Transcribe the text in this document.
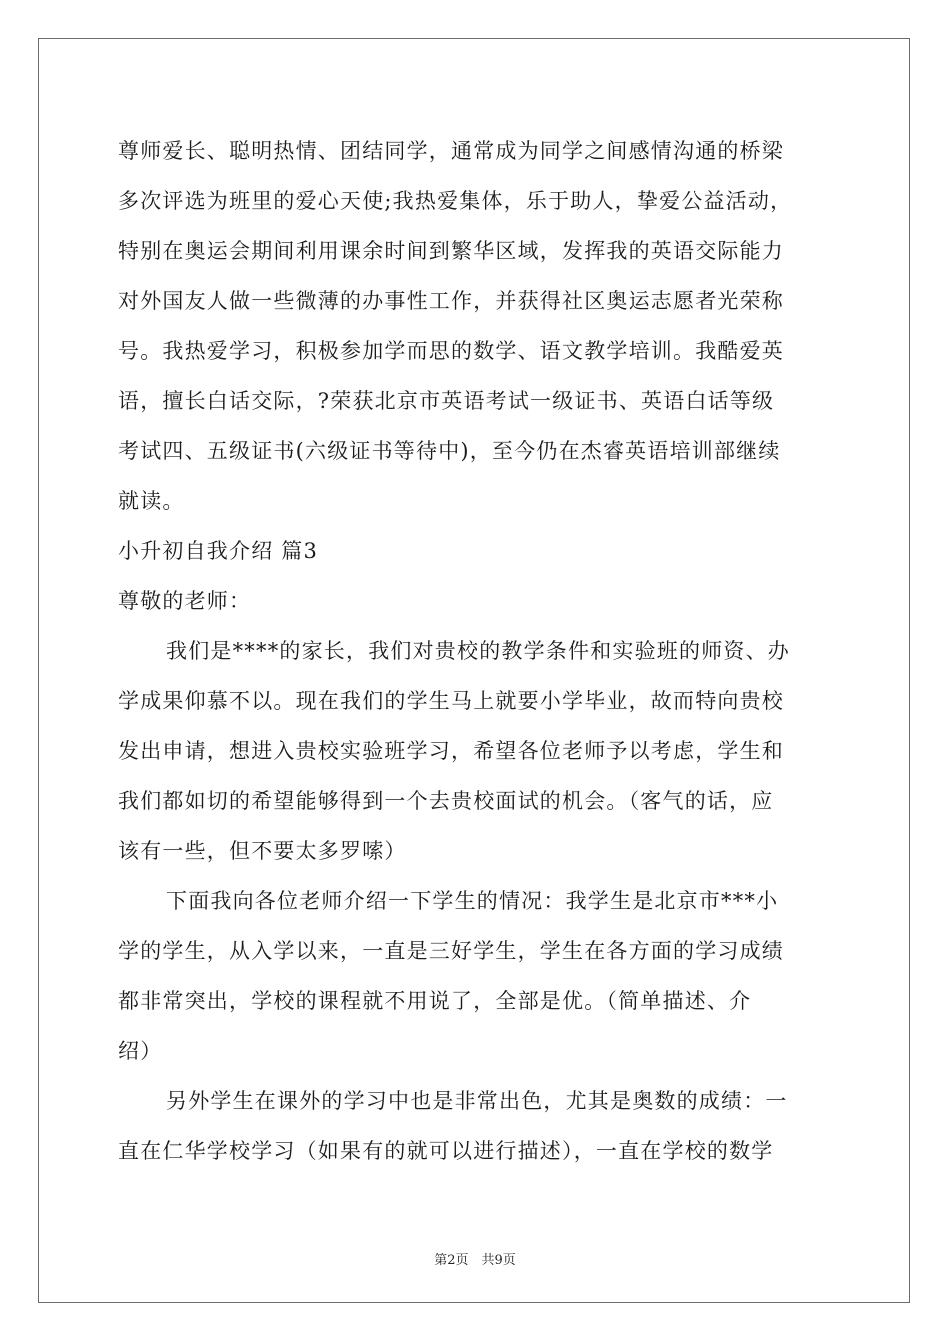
尊师爱长、聪明热情、团结同学，通常成为同学之间感情沟通的桥梁
多次评选为班里的爱心天使;我热爱集体，乐于助人，挚爱公益活动，
特别在奥运会期间利用课余时间到繁华区域，发挥我的英语交际能力
对外国友人做一些微薄的办事性工作，并获得社区奥运志愿者光荣称
号。我热爱学习，积极参加学而思的数学、语文教学培训。我酷爱英
语，擅长白话交际，?荣获北京市英语考试一级证书、英语白话等级
考试四、五级证书(六级证书等待中)，至今仍在杰睿英语培训部继续
就读。
小升初自我介绍 篇3
尊敬的老师：
我们是****的家长，我们对贵校的教学条件和实验班的师资、办
学成果仰慕不以。现在我们的学生马上就要小学毕业，故而特向贵校
发出申请，想进入贵校实验班学习，希望各位老师予以考虑，学生和
我们都如切的希望能够得到一个去贵校面试的机会。（客气的话，应
该有一些，但不要太多罗嗦）
下面我向各位老师介绍一下学生的情况：我学生是北京市***小
学的学生，从入学以来，一直是三好学生，学生在各方面的学习成绩
都非常突出，学校的课程就不用说了，全部是优。（简单描述、介
绍）
另外学生在课外的学习中也是非常出色，尤其是奥数的成绩：一
直在仁华学校学习（如果有的就可以进行描述），一直在学校的数学
第2页　共9页
